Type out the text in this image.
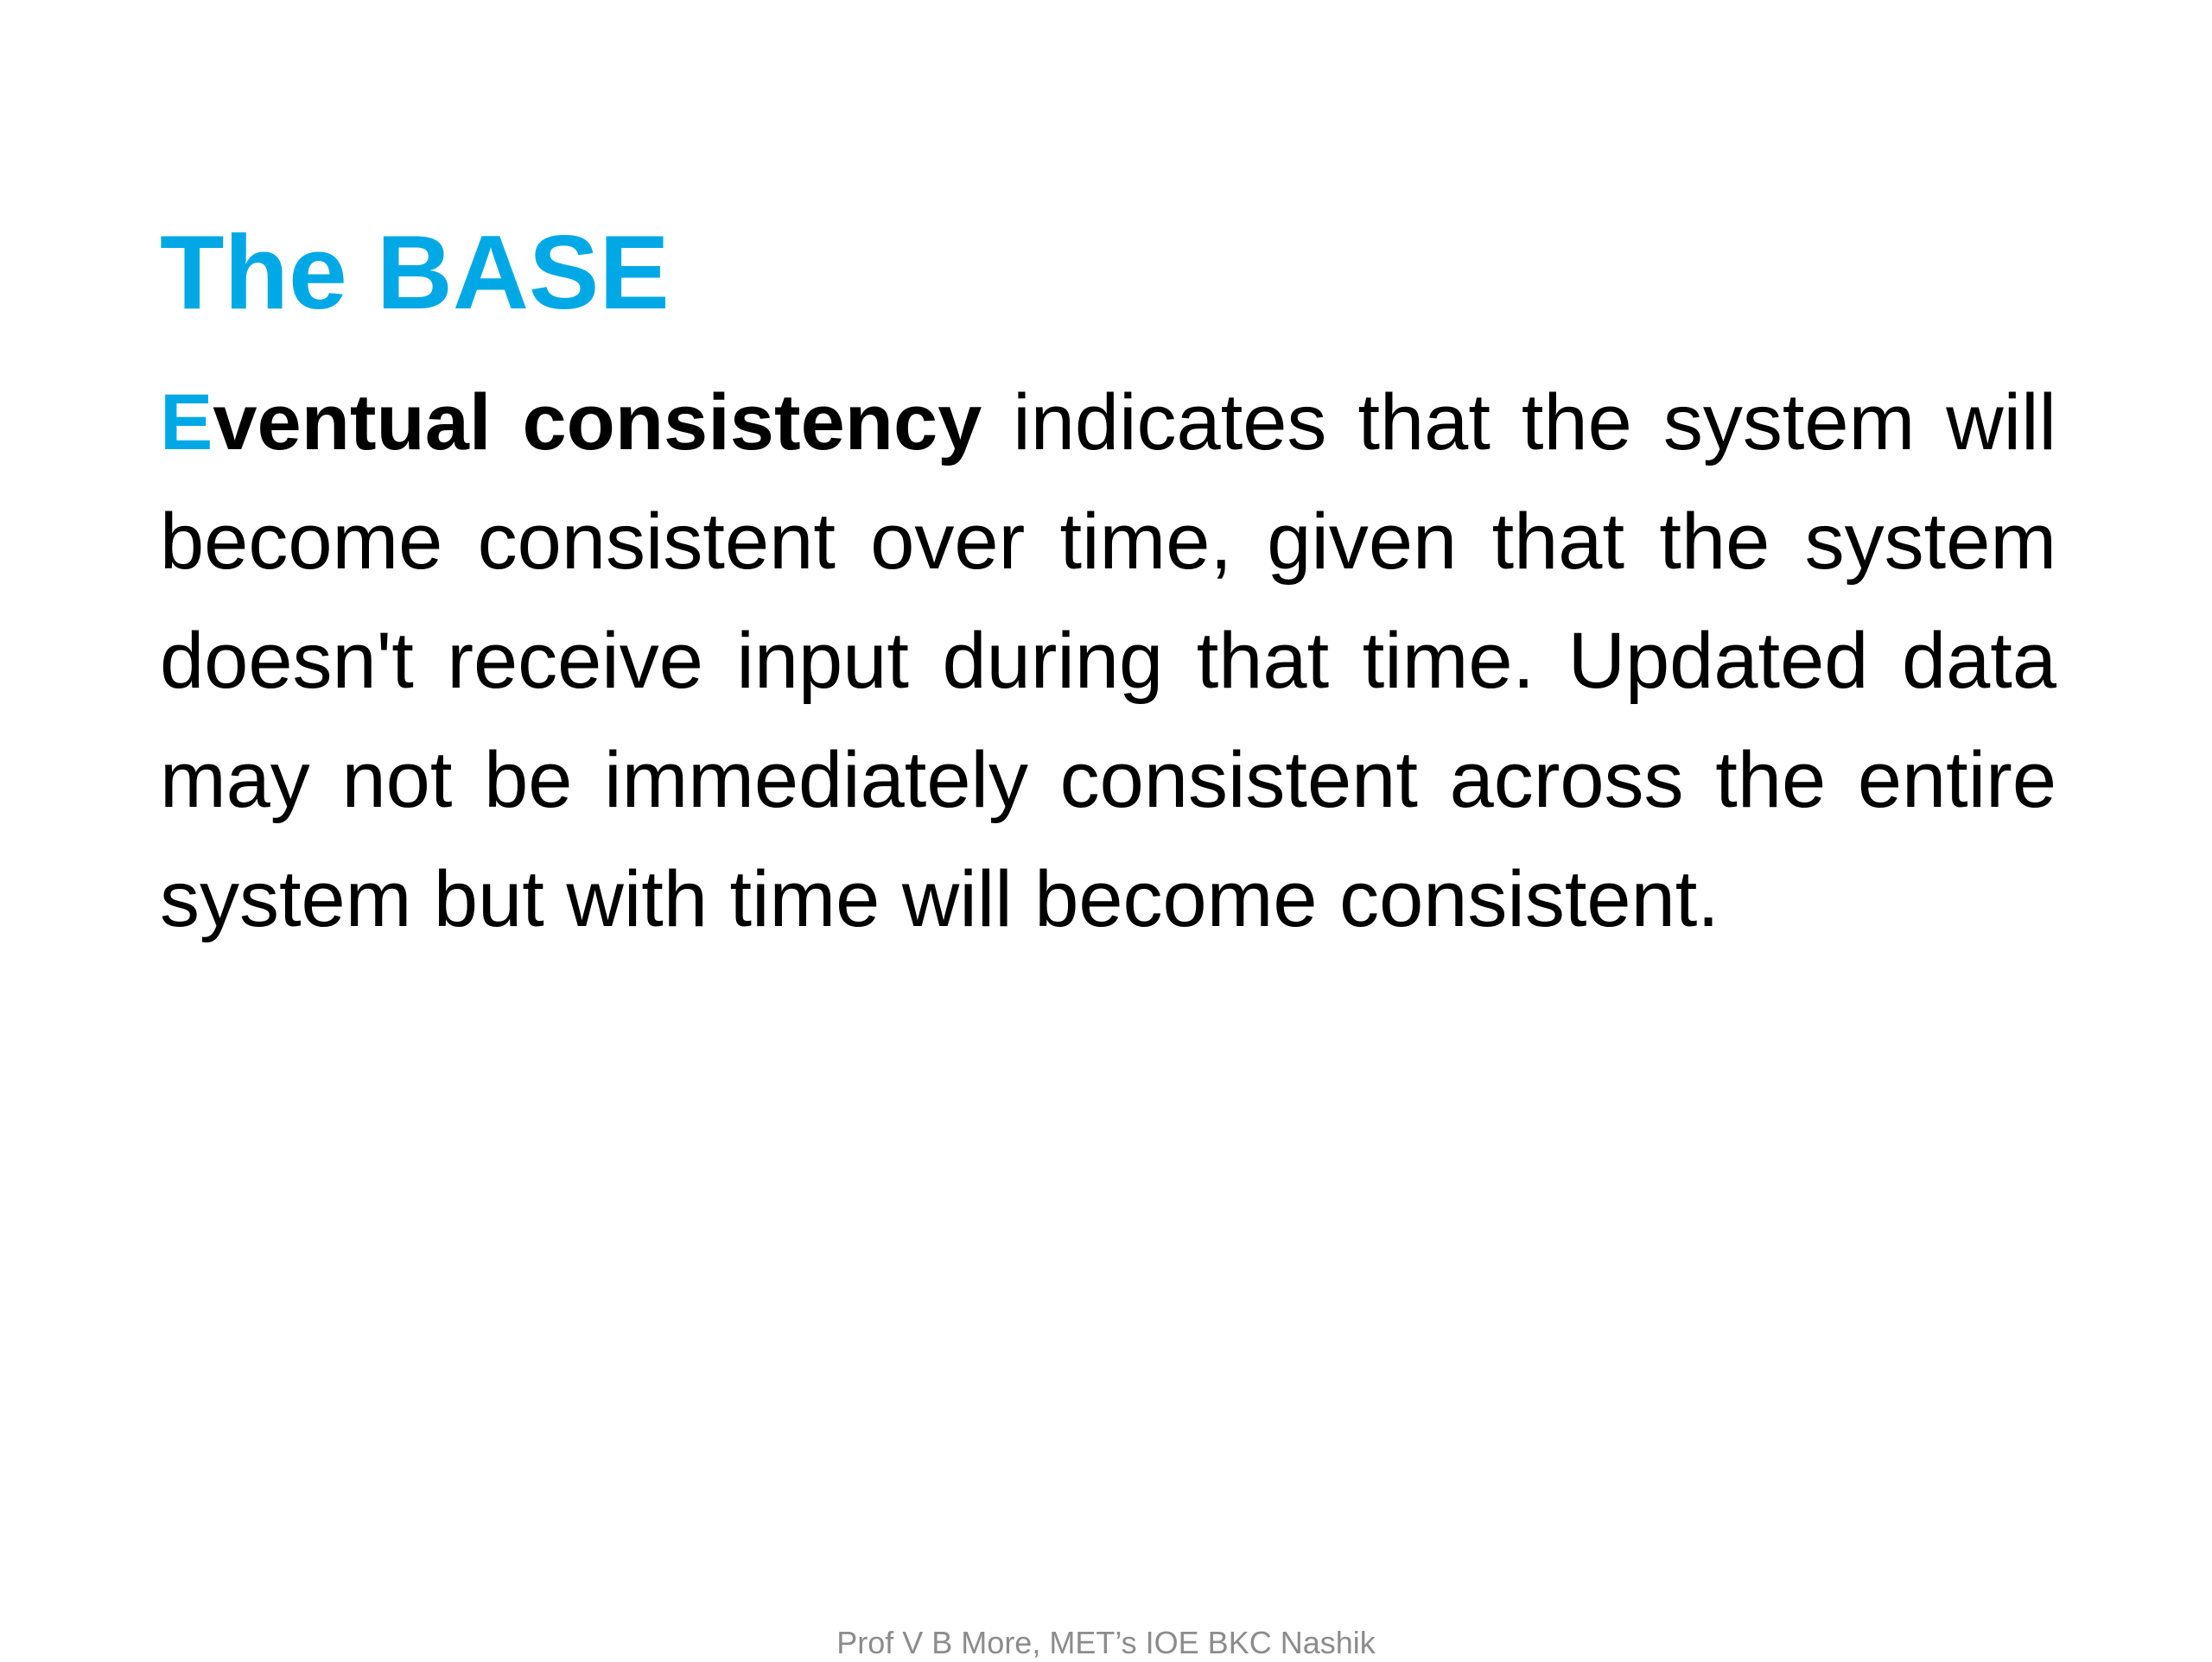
The BASE

Eventual consistency indicates that the system will become consistent over time, given that the system doesn't receive input during that time. Updated data may not be immediately consistent across the entire system but with time will become consistent.

Prof V B More, MET’s IOE BKC Nashik
